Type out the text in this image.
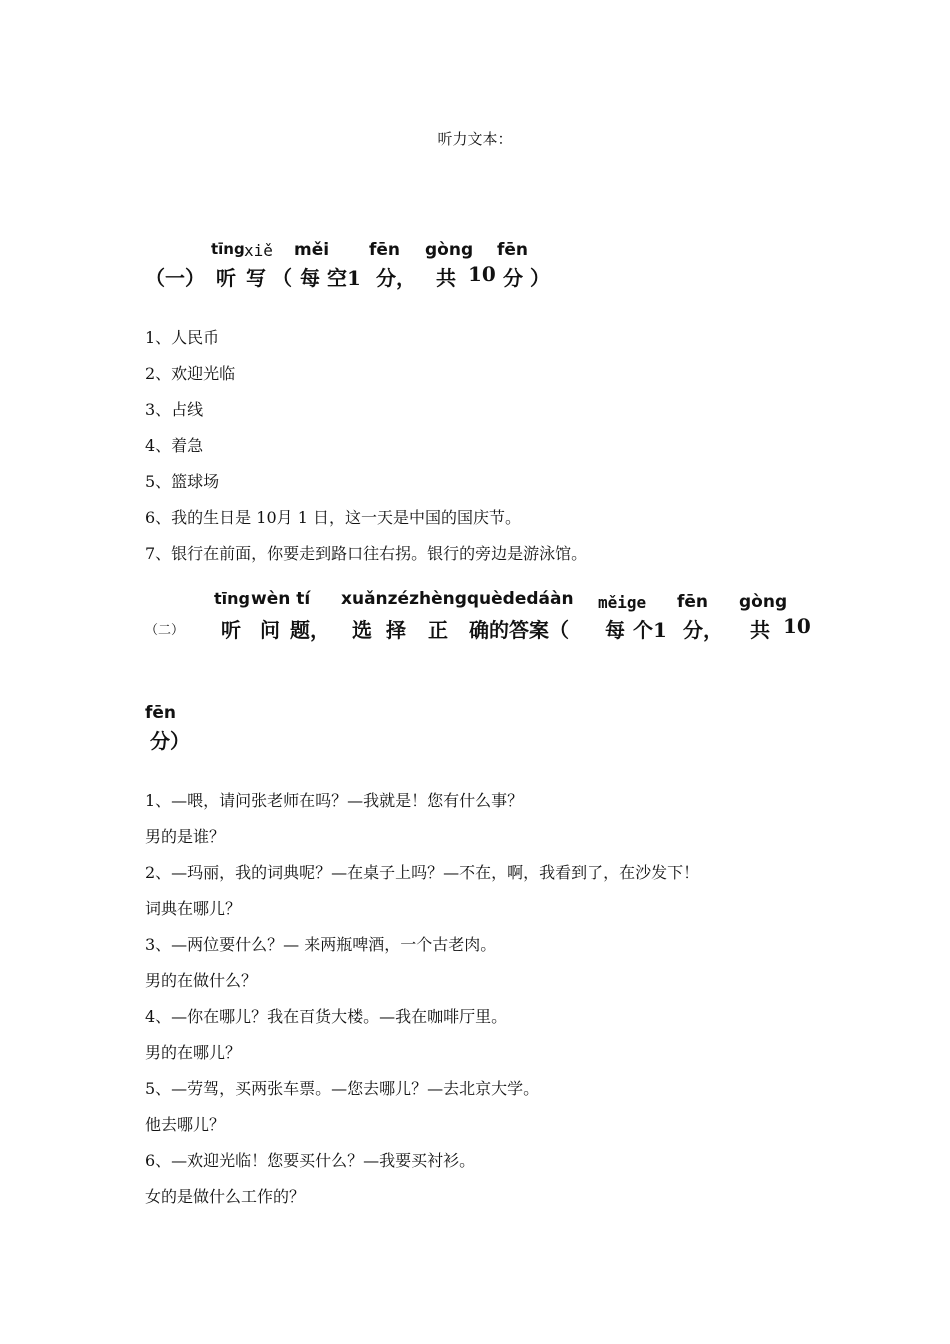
听力文本：
tīng xiě měi fēn gòng fēn
（一） 听 写 （ 每 空1 分， 共 10 分 ）
1、人民币
2、欢迎光临
3、占线
4、着急
5、篮球场
6、我的生日是 10月 1 日，这一天是中国的国庆节。
7、银行在前面，你要走到路口往右拐。银行的旁边是游泳馆。
tīng wèn tí xuǎnzézhèngquèdedáàn měige fēn gòng
（二） 听 问 题， 选 择 正 确的答案（ 每 个1 分， 共 10
fēn
分）
1、—喂，请问张老师在吗？—我就是！您有什么事？
男的是谁？
2、—玛丽，我的词典呢？—在桌子上吗？—不在，啊，我看到了，在沙发下！
词典在哪儿？
3、—两位要什么？— 来两瓶啤酒，一个古老肉。
男的在做什么？
4、—你在哪儿？我在百货大楼。—我在咖啡厅里。
男的在哪儿？
5、—劳驾，买两张车票。—您去哪儿？—去北京大学。
他去哪儿？
6、—欢迎光临！您要买什么？—我要买衬衫。
女的是做什么工作的？
